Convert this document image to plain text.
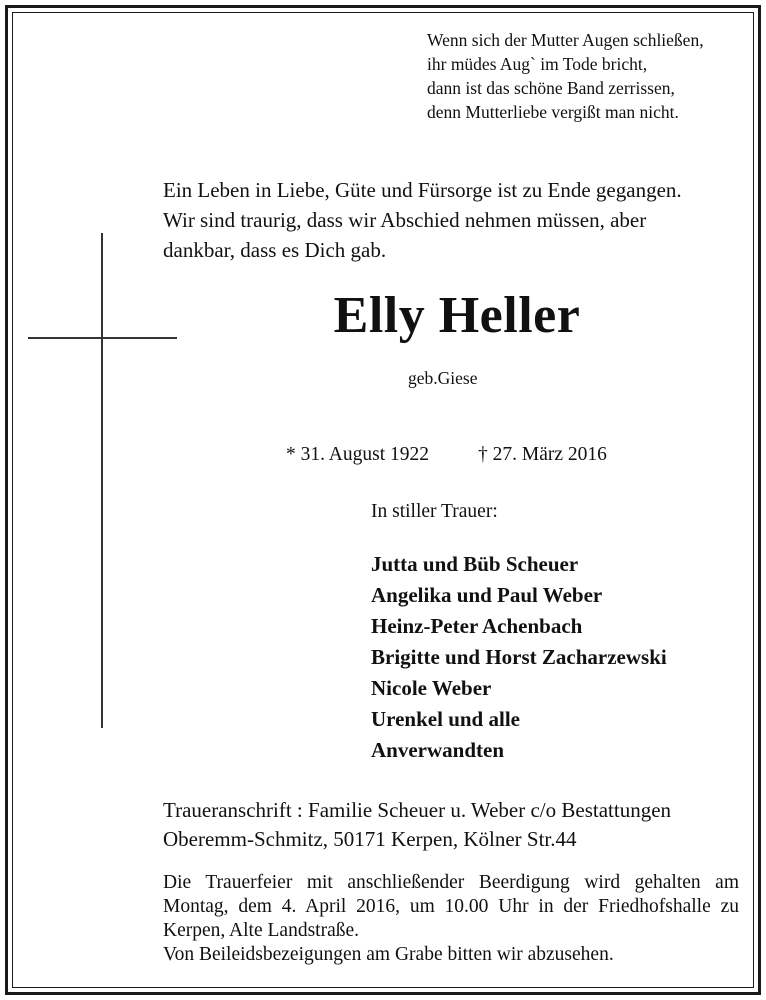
Wenn sich der Mutter Augen schließen,
ihr müdes Aug` im Tode bricht,
dann ist das schöne Band zerrissen,
denn Mutterliebe vergißt man nicht.
Ein Leben in Liebe, Güte und Fürsorge ist zu Ende gegangen.
Wir sind traurig, dass wir Abschied nehmen müssen, aber
dankbar, dass es Dich gab.
Elly Heller
geb.Giese
* 31. August 1922	† 27. März 2016
In stiller Trauer:
Jutta und Büb Scheuer
Angelika und Paul Weber
Heinz-Peter Achenbach
Brigitte und Horst Zacharzewski
Nicole Weber
Urenkel und alle
Anverwandten
Traueranschrift : Familie Scheuer u. Weber c/o Bestattungen
Oberemm-Schmitz, 50171 Kerpen, Kölner Str.44
Die Trauerfeier mit anschließender Beerdigung wird gehalten am
Montag, dem 4. April 2016, um 10.00 Uhr in der Friedhofshalle zu
Kerpen, Alte Landstraße.
Von Beileidsbezeigungen am Grabe bitten wir abzusehen.
